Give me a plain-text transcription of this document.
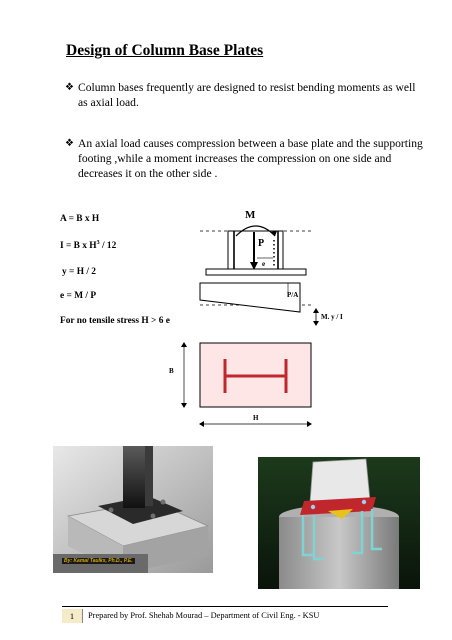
Design of Column Base Plates
❖ Column bases frequently are designed to resist bending moments as well as axial load.
❖ An axial load causes compression between a base plate and the supporting footing ,while a moment increases the compression on one side and decreases it on the other side .
A = B x H
I = B x $H^3 / 12$
y = H / 2
e = M / P
For no tensile stress H > 6 e
M
P
e
P/A
M. y / I
B
H
By: Kamal Taulks, Ph.D., P.E.
1	Prepared by Prof. Shehab Mourad – Department of Civil Eng. - KSU
